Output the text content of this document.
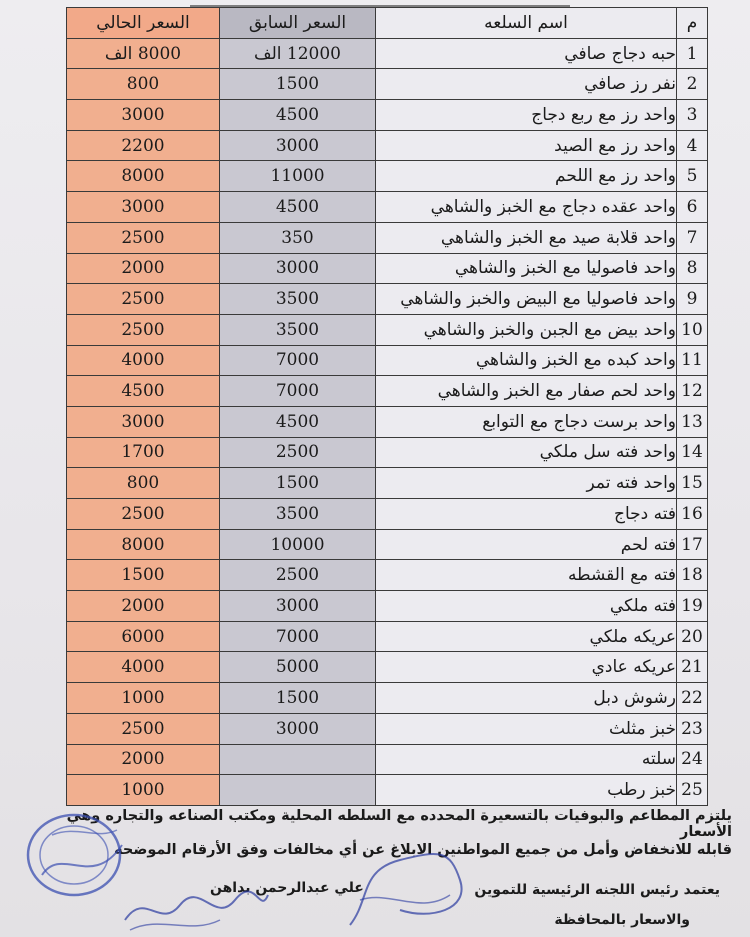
م	اسم السلعه	السعر السابق	السعر الحالي
1	حبه دجاج صافي	12000 الف	8000 الف
2	نفر رز صافي	1500	800
3	واحد رز مع ربع دجاج	4500	3000
4	واحد رز مع الصيد	3000	2200
5	واحد رز مع اللحم	11000	8000
6	واحد عقده دجاج مع الخبز والشاهي	4500	3000
7	واحد قلابة صيد مع الخبز والشاهي	350	2500
8	واحد فاصوليا مع الخبز والشاهي	3000	2000
9	واحد فاصوليا مع البيض والخبز والشاهي	3500	2500
10	واحد بيض مع الجبن والخبز والشاهي	3500	2500
11	واحد كبده مع الخبز والشاهي	7000	4000
12	واحد لحم صفار مع الخبز والشاهي	7000	4500
13	واحد برست دجاج مع التوابع	4500	3000
14	واحد فته سل ملكي	2500	1700
15	واحد فته تمر	1500	800
16	فته دجاج	3500	2500
17	فته لحم	10000	8000
18	فته مع القشطه	2500	1500
19	فته ملكي	3000	2000
20	عريكه ملكي	7000	6000
21	عريكه عادي	5000	4000
22	رشوش دبل	1500	1000
23	خبز مثلث	3000	2500
24	سلته		2000
25	خبز رطب		1000

يلتزم المطاعم والبوفيات بالتسعيرة المحدده مع السلطه المحلية ومكتب الصناعه والتجاره وهي الأسعار

قابله للانخفاض وأمل من جميع المواطنين الابلاغ عن أي مخالفات وفق الأرقام الموضحه

علي عبدالرحمن بداهن	يعتمد رئيس اللجنه الرئيسية للتموين
والاسعار بالمحافظة
